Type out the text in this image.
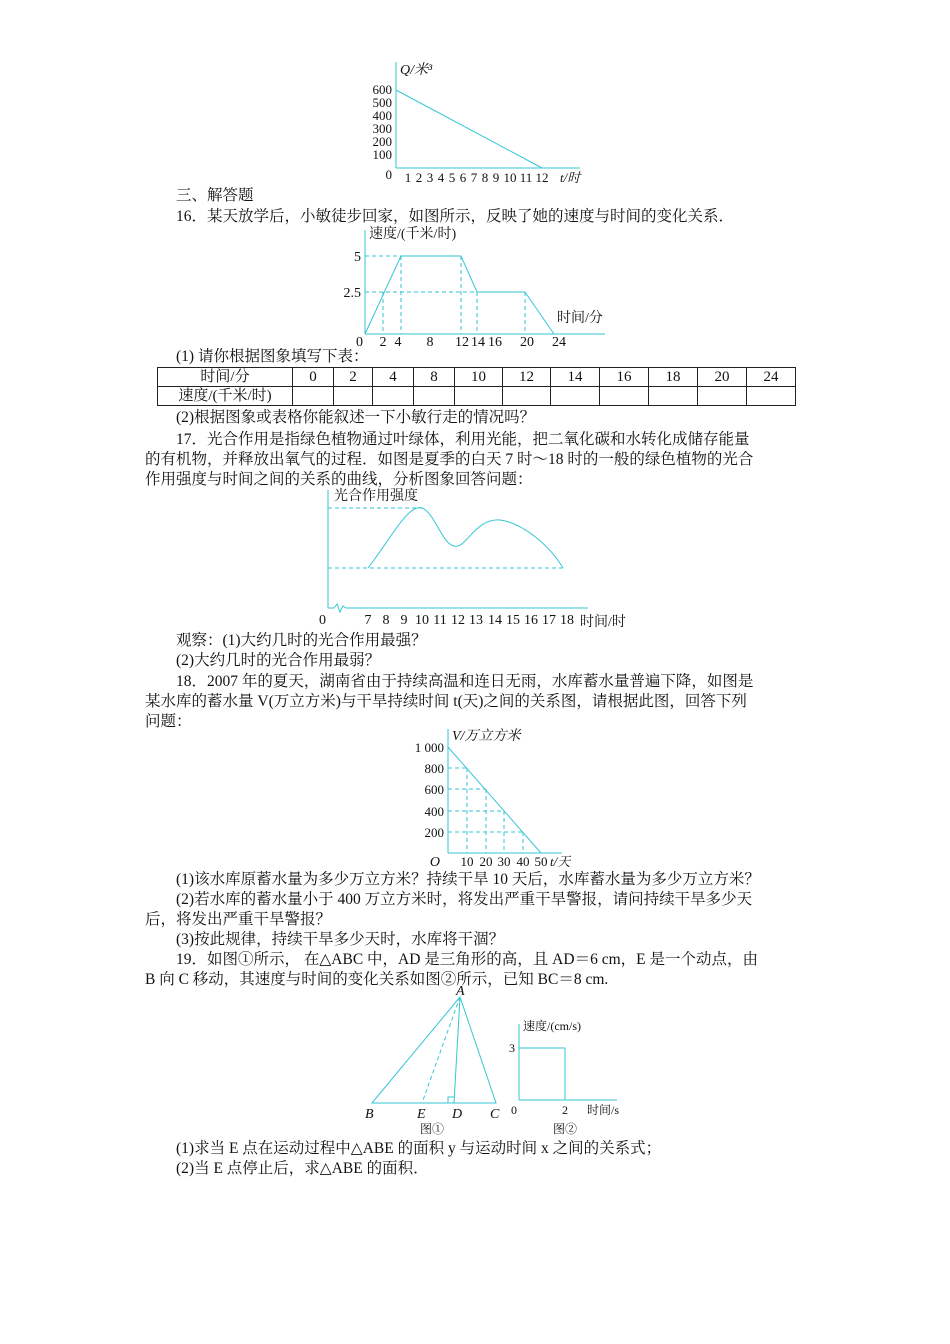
Q/米³
600
500
400
300
200
100
0 1 2 3 4 5 6 7 8 9 10 11 12 t/时
三、解答题
16．某天放学后，小敏徒步回家，如图所示，反映了她的速度与时间的变化关系．
速度/(千米/时)
5
2.5
0 2 4 8 12 14 16 20 24
时间/分
(1) 请你根据图象填写下表：
时间/分	0	2	4	8	10	12	14	16	18	20	24
速度/(千米/时)											
(2)根据图象或表格你能叙述一下小敏行走的情况吗？
17．光合作用是指绿色植物通过叶绿体，利用光能，把二氧化碳和水转化成储存能量
的有机物，并释放出氧气的过程．如图是夏季的白天 7 时～18 时的一般的绿色植物的光合
作用强度与时间之间的关系的曲线，分析图象回答问题：
光合作用强度
0	7 8 9 10 11 12 13 14 15 16 17 18 时间/时
观察：(1)大约几时的光合作用最强？
(2)大约几时的光合作用最弱？
18．2007 年的夏天，湖南省由于持续高温和连日无雨，水库蓄水量普遍下降，如图是
某水库的蓄水量 V(万立方米)与干旱持续时间 t(天)之间的关系图，请根据此图，回答下列
问题：
V/万立方米
1 000
800
600
400
200
O 10 20 30 40 50 t/天
(1)该水库原蓄水量为多少万立方米？持续干旱 10 天后，水库蓄水量为多少万立方米？
(2)若水库的蓄水量小于 400 万立方米时，将发出严重干旱警报，请问持续干旱多少天
后，将发出严重干旱警报？
(3)按此规律，持续干旱多少天时，水库将干涸？
19．如图①所示， 在△ABC 中，AD 是三角形的高，且 AD＝6 cm，E 是一个动点，由
B 向 C 移动，其速度与时间的变化关系如图②所示，已知 BC＝8 cm.
A
B	E D C
图①
速度/(cm/s)
3
0	2 时间/s
图②
(1)求当 E 点在运动过程中△ABE 的面积 y 与运动时间 x 之间的关系式；
(2)当 E 点停止后，求△ABE 的面积．
